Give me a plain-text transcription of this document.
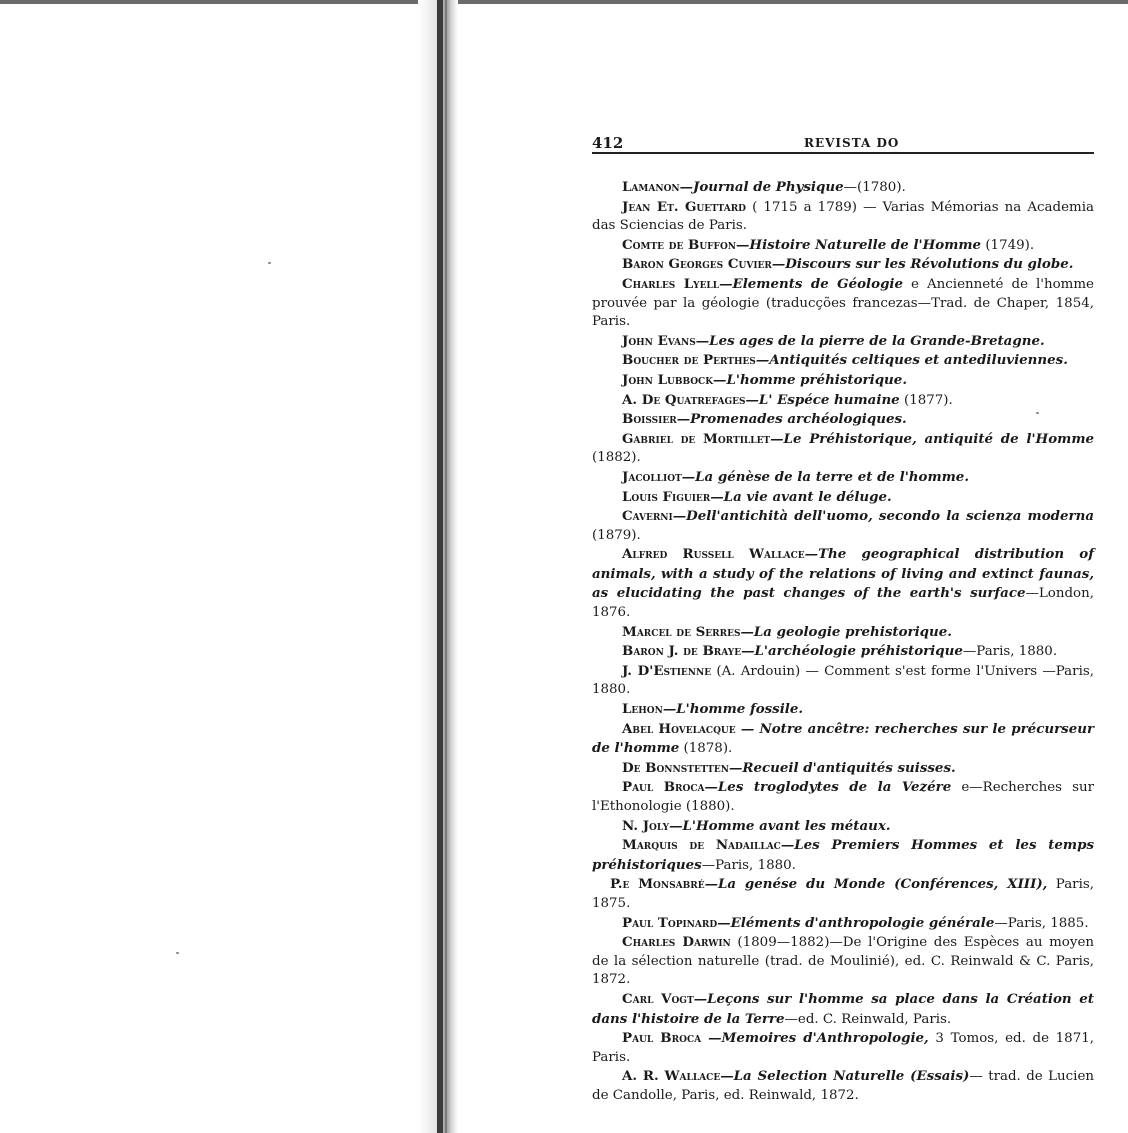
412	REVISTA DO

Lamanon—Journal de Physique—(1780).

Jean Et. Guettard ( 1715 a 1789) — Varias Mémorias na Academia das Sciencias de Paris.

Comte de Buffon—Histoire Naturelle de l'Homme (1749).

Baron Georges Cuvier—Discours sur les Révolutions du globe.

Charles Lyell—Elements de Géologie e Ancienneté de l'homme prouvée par la géologie (traducções francezas—Trad. de Chaper, 1854, Paris.

John Evans—Les ages de la pierre de la Grande-Bretagne.

Boucher de Perthes—Antiquités celtiques et antediluviennes.

John Lubbock—L'homme préhistorique.

A. De Quatrefages—L' Espéce humaine (1877).

Boissier—Promenades archéologiques.

Gabriel de Mortillet—Le Préhistorique, antiquité de l'Homme (1882).

Jacolliot—La génèse de la terre et de l'homme.

Louis Figuier—La vie avant le déluge.

Caverni—Dell'antichità dell'uomo, secondo la scienza moderna (1879).

Alfred Russell Wallace—The geographical distribution of animals, with a study of the relations of living and extinct faunas, as elucidating the past changes of the earth's surface—London, 1876.

Marcel de Serres—La geologie prehistorique.

Baron J. de Braye—L'archéologie préhistorique—Paris, 1880.

J. D'Estienne (A. Ardouin) — Comment s'est forme l'Univers —Paris, 1880.

Lehon—L'homme fossile.

Abel Hovelacque — Notre ancêtre: recherches sur le précurseur de l'homme (1878).

De Bonnstetten—Recueil d'antiquités suisses.

Paul Broca—Les troglodytes de la Vezére e—Recherches sur l'Ethonologie (1880).

N. Joly—L'Homme avant les métaux.

Marquis de Nadaillac—Les Premiers Hommes et les temps préhistoriques—Paris, 1880.

P.e Monsabré—La genése du Monde (Conférences, XIII), Paris, 1875.

Paul Topinard—Eléments d'anthropologie générale—Paris, 1885.

Charles Darwin (1809—1882)—De l'Origine des Espèces au moyen de la sélection naturelle (trad. de Moulinié), ed. C. Reinwald & C. Paris, 1872.

Carl Vogt—Leçons sur l'homme sa place dans la Création et dans l'histoire de la Terre—ed. C. Reinwald, Paris.

Paul Broca —Memoires d'Anthropologie, 3 Tomos, ed. de 1871, Paris.

A. R. Wallace—La Selection Naturelle (Essais)— trad. de Lucien de Candolle, Paris, ed. Reinwald, 1872.
